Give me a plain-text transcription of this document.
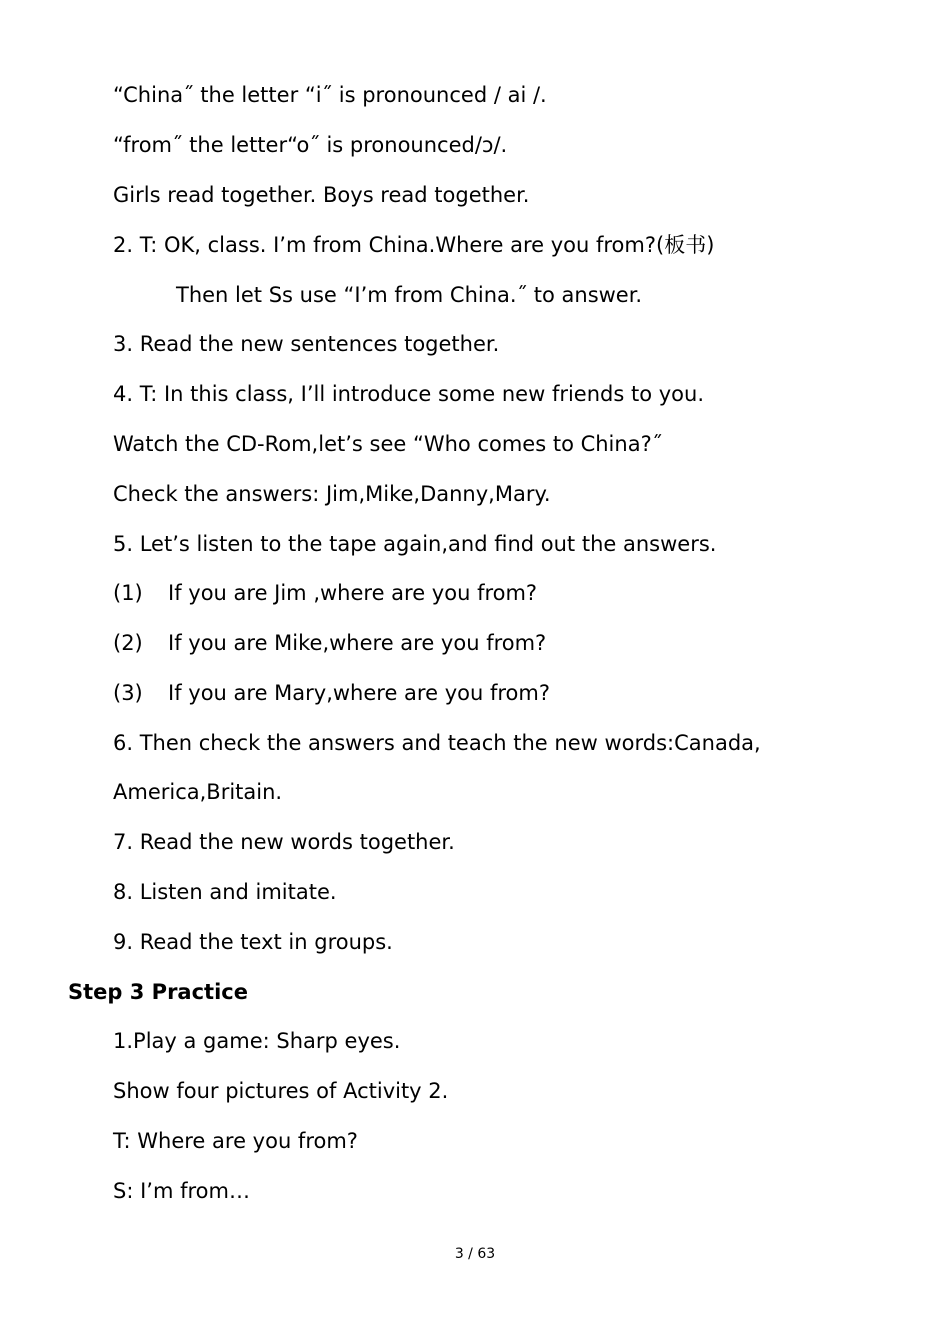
“China˝ the letter “i˝ is pronounced / ai /.
“from˝ the letter“o˝ is pronounced/ɔ/.
Girls read together. Boys read together.
2. T: OK, class. I’m from China.Where are you from?(板书)
Then let Ss use “I’m from China.˝ to answer.
3. Read the new sentences together.
4. T: In this class, I’ll introduce some new friends to you.
Watch the CD-Rom,let’s see “Who comes to China?˝
Check the answers: Jim,Mike,Danny,Mary.
5. Let’s listen to the tape again,and find out the answers.
(1) If you are Jim ,where are you from?
(2) If you are Mike,where are you from?
(3) If you are Mary,where are you from?
6. Then check the answers and teach the new words:Canada,
America,Britain.
7. Read the new words together.
8. Listen and imitate.
9. Read the text in groups.
Step 3 Practice
1.Play a game: Sharp eyes.
Show four pictures of Activity 2.
T: Where are you from?
S: I’m from…
3 / 63
